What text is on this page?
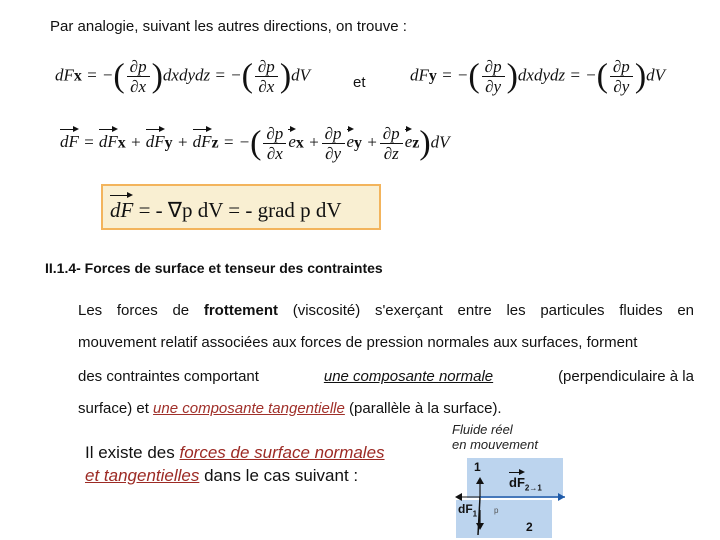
Par analogie, suivant les autres directions, on trouve :
dFx = −( $\frac{\partial p}{\partial x}$ )dxdydz = −( $\frac{\partial p}{\partial x} )dV$	et	dFy = −( $\frac{\partial p}{\partial y}$ )dxdydz = −( $\frac{\partial p}{\partial y} )dV$
dF = dFx + dFy + dFz = −( $\frac{\partial p}{\partial x}$ ex + $\frac{\partial p}{\partial y}$ ey + $\frac{\partial p}{\partial z} ez)dV$
dF = - ∇p dV = - grad p dV
II.1.4- Forces de surface et tenseur des contraintes
Les forces de frottement (viscosité) s'exerçant entre les particules fluides en
mouvement relatif associées aux forces de pression normales aux surfaces, forment
des contraintes comportant	une composante normale	(perpendiculaire à la
surface) et une composante tangentielle (parallèle à la surface).
Il existe des forces de surface normales
et tangentielles dans le cas suivant :
Fluide réel
en mouvement
1
2
$dF_{2\to 1}$
$dF_1$ p
